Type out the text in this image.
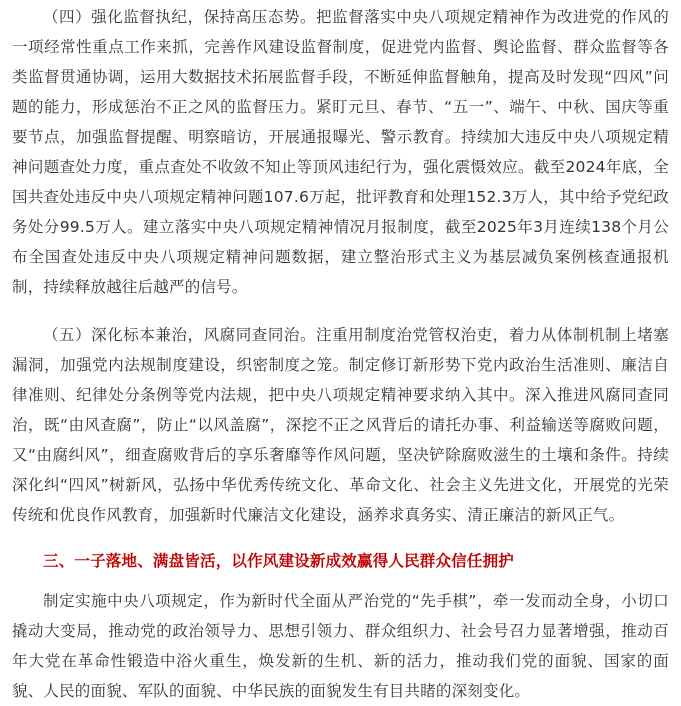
（四）强化监督执纪，保持高压态势。把监督落实中央八项规定精神作为改进党的作风的一项经常性重点工作来抓，完善作风建设监督制度，促进党内监督、舆论监督、群众监督等各类监督贯通协调，运用大数据技术拓展监督手段，不断延伸监督触角，提高及时发现“四风”问题的能力，形成惩治不正之风的监督压力。紧盯元旦、春节、“五一”、端午、中秋、国庆等重要节点，加强监督提醒、明察暗访，开展通报曝光、警示教育。持续加大违反中央八项规定精神问题查处力度，重点查处不收敛不知止等顶风违纪行为，强化震慑效应。截至2024年底，全国共查处违反中央八项规定精神问题107.6万起，批评教育和处理152.3万人，其中给予党纪政务处分99.5万人。建立落实中央八项规定精神情况月报制度，截至2025年3月连续138个月公布全国查处违反中央八项规定精神问题数据，建立整治形式主义为基层减负案例核查通报机制，持续释放越往后越严的信号。

（五）深化标本兼治，风腐同查同治。注重用制度治党管权治吏，着力从体制机制上堵塞漏洞，加强党内法规制度建设，织密制度之笼。制定修订新形势下党内政治生活准则、廉洁自律准则、纪律处分条例等党内法规，把中央八项规定精神要求纳入其中。深入推进风腐同查同治，既“由风查腐”，防止“以风盖腐”，深挖不正之风背后的请托办事、利益输送等腐败问题，又“由腐纠风”，细查腐败背后的享乐奢靡等作风问题，坚决铲除腐败滋生的土壤和条件。持续深化纠“四风”树新风，弘扬中华优秀传统文化、革命文化、社会主义先进文化，开展党的光荣传统和优良作风教育，加强新时代廉洁文化建设，涵养求真务实、清正廉洁的新风正气。

三、一子落地、满盘皆活，以作风建设新成效赢得人民群众信任拥护

制定实施中央八项规定，作为新时代全面从严治党的“先手棋”，牵一发而动全身，小切口撬动大变局，推动党的政治领导力、思想引领力、群众组织力、社会号召力显著增强，推动百年大党在革命性锻造中浴火重生，焕发新的生机、新的活力，推动我们党的面貌、国家的面貌、人民的面貌、军队的面貌、中华民族的面貌发生有目共睹的深刻变化。
